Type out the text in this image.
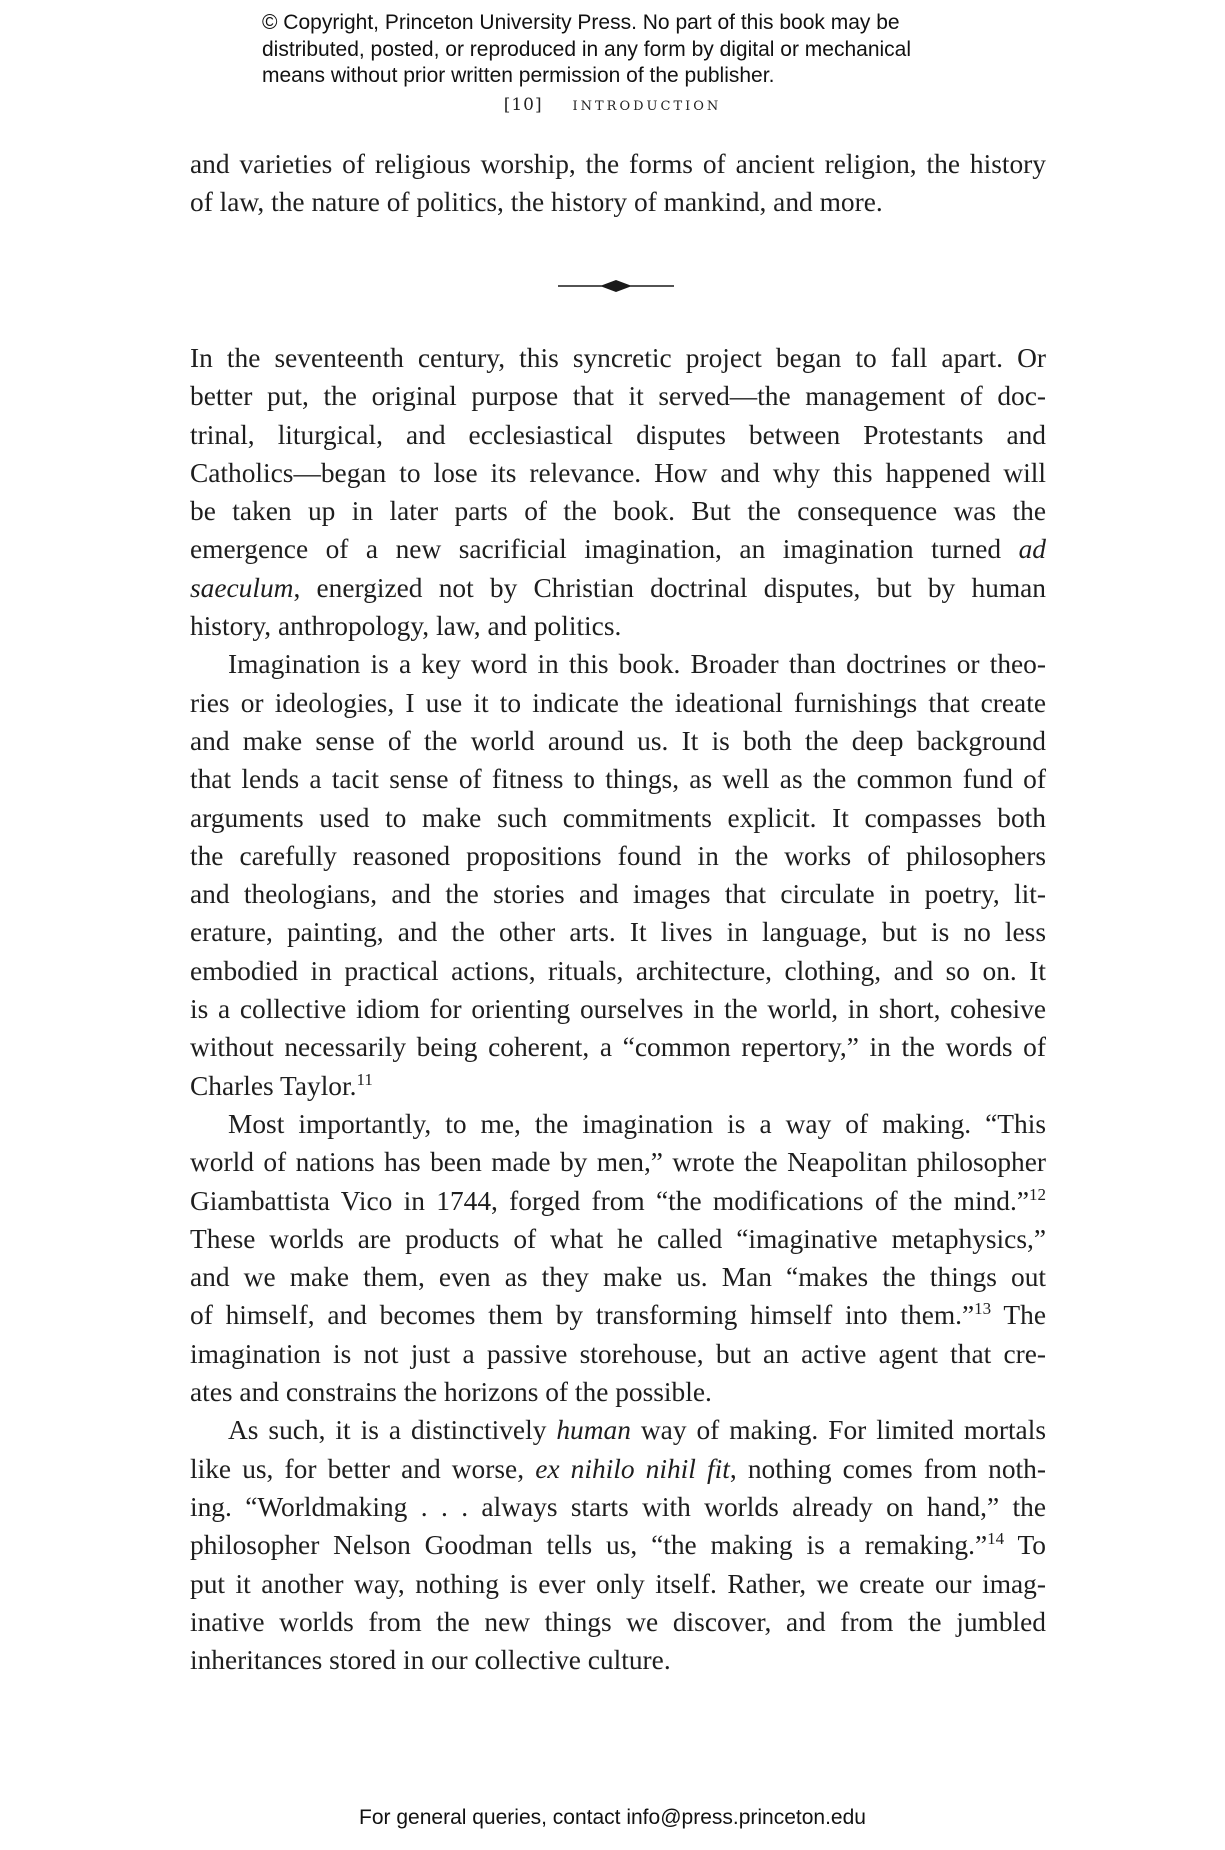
© Copyright, Princeton University Press. No part of this book may be
distributed, posted, or reproduced in any form by digital or mechanical
means without prior written permission of the publisher.
[10] introduction
and varieties of religious worship, the forms of ancient religion, the history
of law, the nature of politics, the history of mankind, and more.
In the seventeenth century, this syncretic project began to fall apart. Or
better put, the original purpose that it served—the management of doc-
trinal, liturgical, and ecclesiastical disputes between Protestants and
Catholics—began to lose its relevance. How and why this happened will
be taken up in later parts of the book. But the consequence was the
emergence of a new sacrificial imagination, an imagination turned ad
saeculum, energized not by Christian doctrinal disputes, but by human
history, anthropology, law, and politics.
Imagination is a key word in this book. Broader than doctrines or theo-
ries or ideologies, I use it to indicate the ideational furnishings that create
and make sense of the world around us. It is both the deep background
that lends a tacit sense of fitness to things, as well as the common fund of
arguments used to make such commitments explicit. It compasses both
the carefully reasoned propositions found in the works of philosophers
and theologians, and the stories and images that circulate in poetry, lit-
erature, painting, and the other arts. It lives in language, but is no less
embodied in practical actions, rituals, architecture, clothing, and so on. It
is a collective idiom for orienting ourselves in the world, in short, cohesive
without necessarily being coherent, a “common repertory,” in the words of
Charles Taylor.$^{11}$
Most importantly, to me, the imagination is a way of making. “This
world of nations has been made by men,” wrote the Neapolitan philosopher
Giambattista Vico in 1744, forged from “the modifications of the mind.”$^{12}$
These worlds are products of what he called “imaginative metaphysics,”
and we make them, even as they make us. Man “makes the things out
of himself, and becomes them by transforming himself into them.”$^{13}$ The
imagination is not just a passive storehouse, but an active agent that cre-
ates and constrains the horizons of the possible.
As such, it is a distinctively human way of making. For limited mortals
like us, for better and worse, ex nihilo nihil fit, nothing comes from noth-
ing. “Worldmaking . . . always starts with worlds already on hand,” the
philosopher Nelson Goodman tells us, “the making is a remaking.”$^{14}$ To
put it another way, nothing is ever only itself. Rather, we create our imag-
inative worlds from the new things we discover, and from the jumbled
inheritances stored in our collective culture.
For general queries, contact info@press.princeton.edu
